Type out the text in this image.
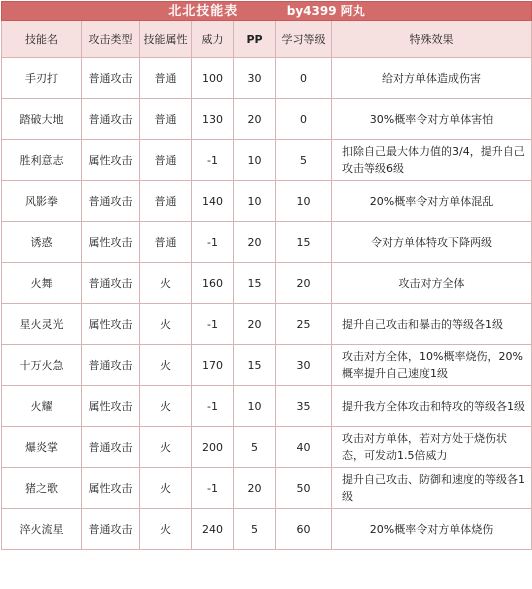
北北技能表 by4399 阿丸						
技能名	攻击类型	技能属性	威力	PP	学习等级	特殊效果
手刃打	普通攻击	普通	100	30	0	给对方单体造成伤害
踏破大地	普通攻击	普通	130	20	0	30%概率令对方单体害怕
胜利意志	属性攻击	普通	-1	10	5	扣除自己最大体力值的3/4，提升自己攻击等级6级
风影拳	普通攻击	普通	140	10	10	20%概率令对方单体混乱
诱惑	属性攻击	普通	-1	20	15	令对方单体特攻下降两级
火舞	普通攻击	火	160	15	20	攻击对方全体
星火灵光	属性攻击	火	-1	20	25	提升自己攻击和暴击的等级各1级
十万火急	普通攻击	火	170	15	30	攻击对方全体，10%概率烧伤，20%概率提升自己速度1级
火耀	属性攻击	火	-1	10	35	提升我方全体攻击和特攻的等级各1级
爆炎掌	普通攻击	火	200	5	40	攻击对方单体，若对方处于烧伤状态，可发动1.5倍威力
猪之歌	属性攻击	火	-1	20	50	提升自己攻击、防御和速度的等级各1级
淬火流星	普通攻击	火	240	5	60	20%概率令对方单体烧伤
